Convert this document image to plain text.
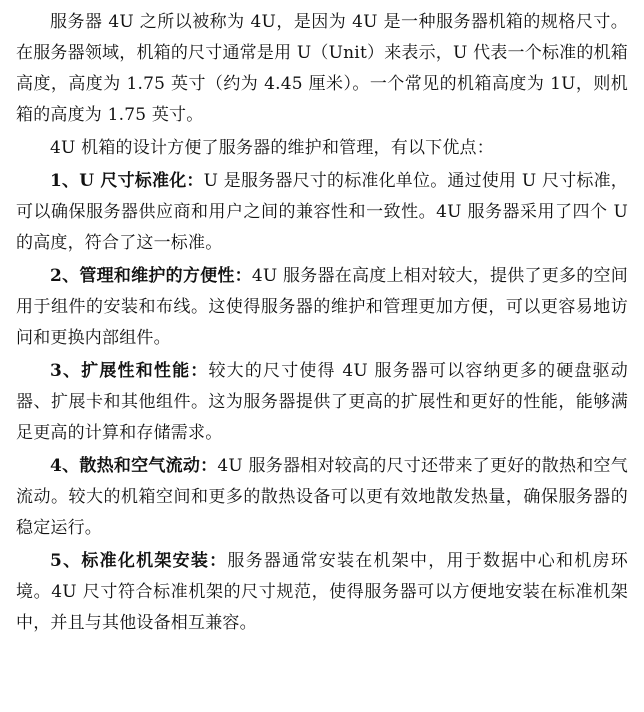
服务器 4U 之所以被称为 4U，是因为 4U 是一种服务器机箱的规格尺寸。在服务器领域，机箱的尺寸通常是用 U（Unit）来表示，U 代表一个标准的机箱高度，高度为 1.75 英寸（约为 4.45 厘米）。一个常见的机箱高度为 1U，则机箱的高度为 1.75 英寸。

4U 机箱的设计方便了服务器的维护和管理，有以下优点：

1、U 尺寸标准化：U 是服务器尺寸的标准化单位。通过使用 U 尺寸标准，可以确保服务器供应商和用户之间的兼容性和一致性。4U 服务器采用了四个 U 的高度，符合了这一标准。

2、管理和维护的方便性：4U 服务器在高度上相对较大，提供了更多的空间用于组件的安装和布线。这使得服务器的维护和管理更加方便，可以更容易地访问和更换内部组件。

3、扩展性和性能：较大的尺寸使得 4U 服务器可以容纳更多的硬盘驱动器、扩展卡和其他组件。这为服务器提供了更高的扩展性和更好的性能，能够满足更高的计算和存储需求。

4、散热和空气流动：4U 服务器相对较高的尺寸还带来了更好的散热和空气流动。较大的机箱空间和更多的散热设备可以更有效地散发热量，确保服务器的稳定运行。

5、标准化机架安装：服务器通常安装在机架中，用于数据中心和机房环境。4U 尺寸符合标准机架的尺寸规范，使得服务器可以方便地安装在标准机架中，并且与其他设备相互兼容。
